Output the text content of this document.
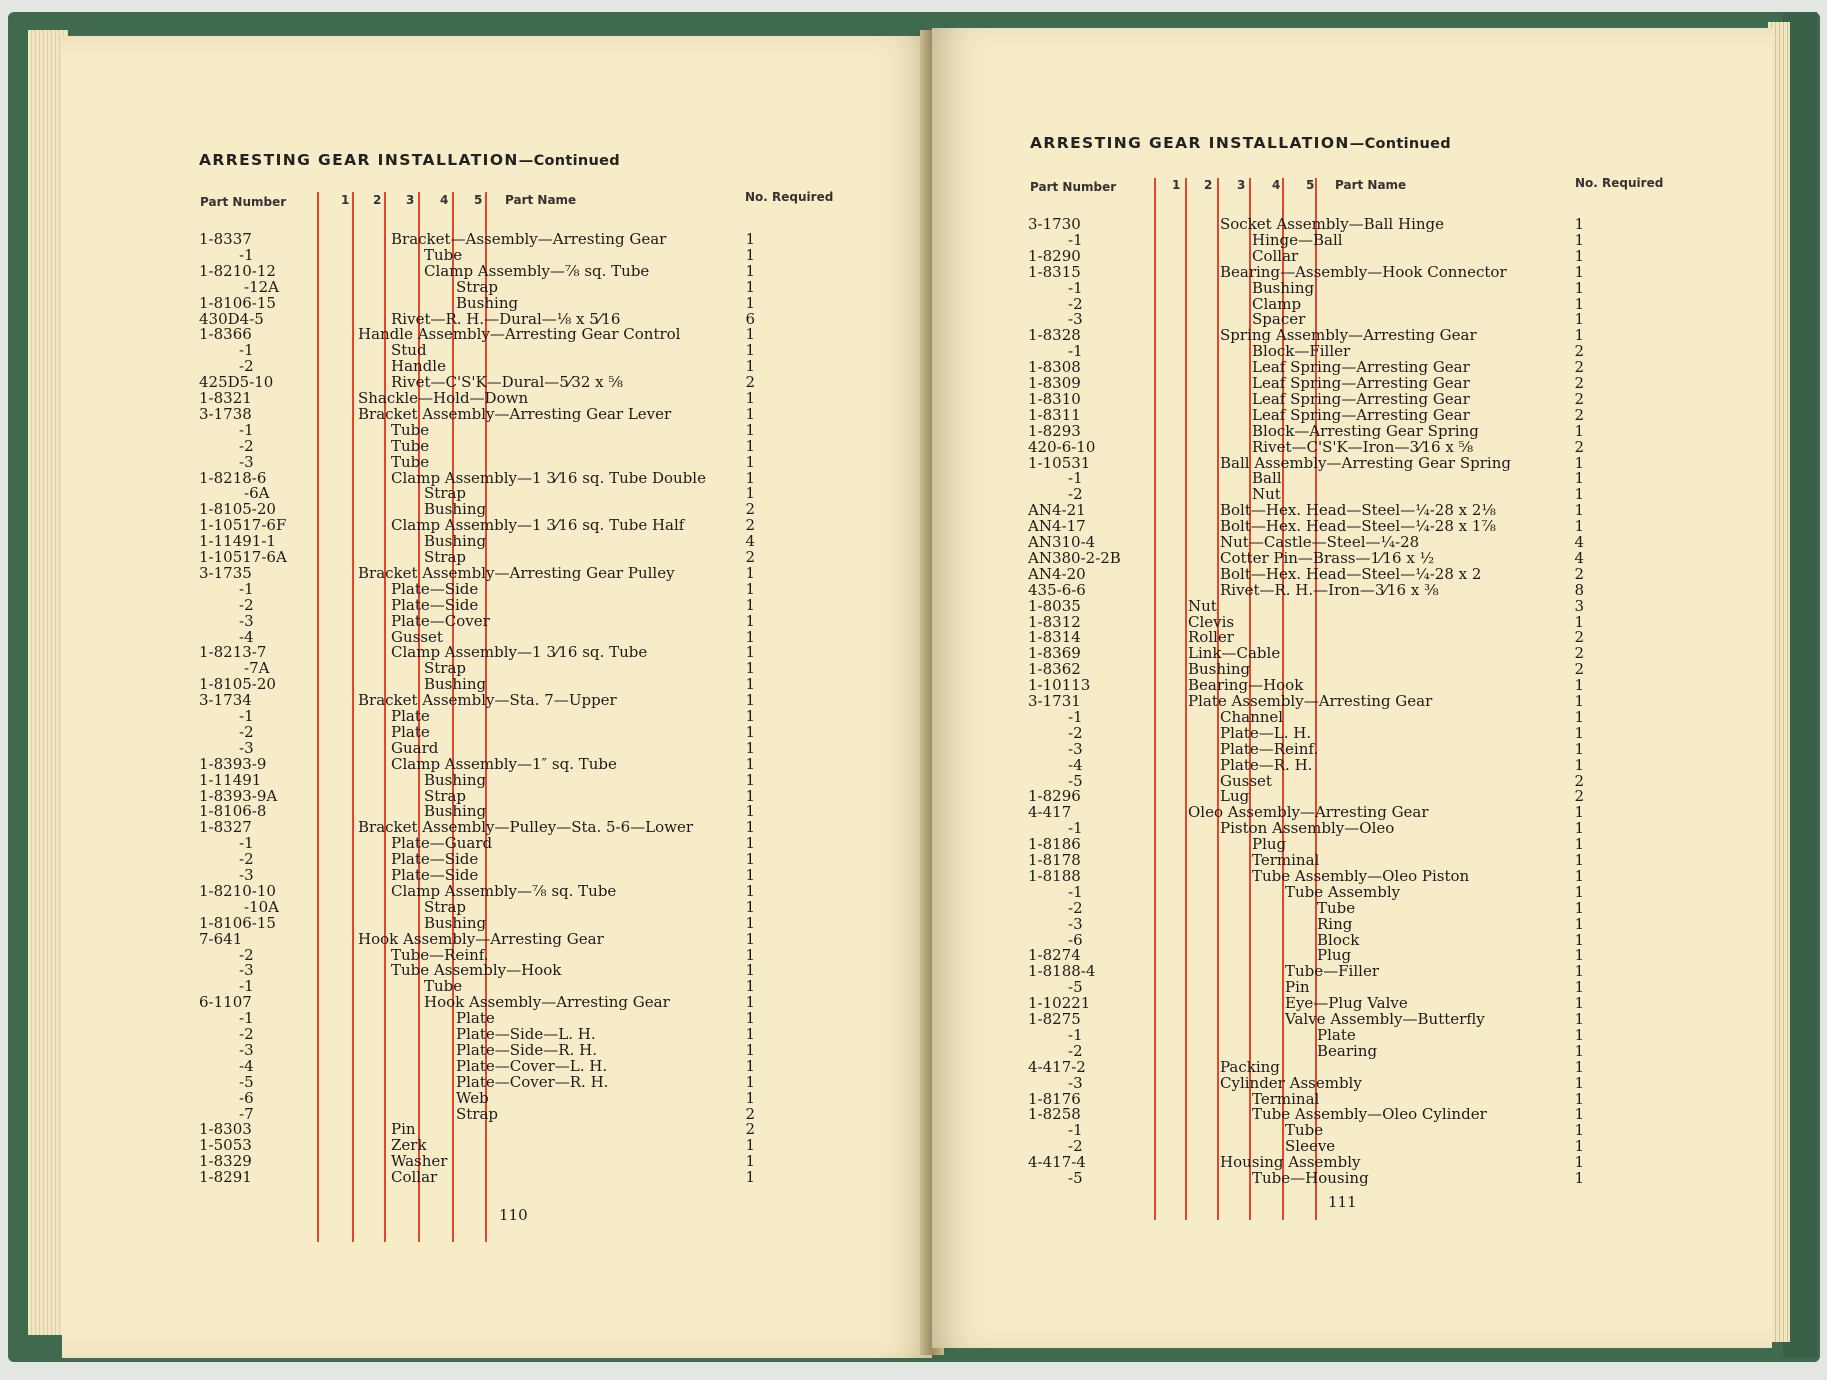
ARRESTING GEAR INSTALLATION—Continued
Part Number	1 2 3 4 5 Part Name	No. Required
1-8337	Bracket—Assembly—Arresting Gear	1
-1	Tube	1
1-8210-12	Clamp Assembly—⅞ sq. Tube	1
-12A	Strap	1
1-8106-15	Bushing	1
430D4-5	Rivet—R. H.—Dural—⅛ x 5⁄16	6
1-8366	Handle Assembly—Arresting Gear Control	1
-1	Stud	1
-2	Handle	1
425D5-10	Rivet—C'S'K—Dural—5⁄32 x ⅝	2
1-8321	Shackle—Hold—Down	1
3-1738	Bracket Assembly—Arresting Gear Lever	1
-1	Tube	1
-2	Tube	1
-3	Tube	1
1-8218-6	Clamp Assembly—1 3⁄16 sq. Tube Double	1
-6A	Strap	1
1-8105-20	Bushing	2
1-10517-6F	Clamp Assembly—1 3⁄16 sq. Tube Half	2
1-11491-1	Bushing	4
1-10517-6A	Strap	2
3-1735	Bracket Assembly—Arresting Gear Pulley	1
-1	Plate—Side	1
-2	Plate—Side	1
-3	Plate—Cover	1
-4	Gusset	1
1-8213-7	Clamp Assembly—1 3⁄16 sq. Tube	1
-7A	Strap	1
1-8105-20	Bushing	1
3-1734	Bracket Assembly—Sta. 7—Upper	1
-1	Plate	1
-2	Plate	1
-3	Guard	1
1-8393-9	Clamp Assembly—1″ sq. Tube	1
1-11491	Bushing	1
1-8393-9A	Strap	1
1-8106-8	Bushing	1
1-8327	Bracket Assembly—Pulley—Sta. 5-6—Lower	1
-1	Plate—Guard	1
-2	Plate—Side	1
-3	Plate—Side	1
1-8210-10	Clamp Assembly—⅞ sq. Tube	1
-10A	Strap	1
1-8106-15	Bushing	1
7-641	Hook Assembly—Arresting Gear	1
-2	Tube—Reinf.	1
-3	Tube Assembly—Hook	1
-1	Tube	1
6-1107	Hook Assembly—Arresting Gear	1
-1	Plate	1
-2	Plate—Side—L. H.	1
-3	Plate—Side—R. H.	1
-4	Plate—Cover—L. H.	1
-5	Plate—Cover—R. H.	1
-6	Web	1
-7	Strap	2
1-8303	Pin	2
1-5053	Zerk	1
1-8329	Washer	1
1-8291	Collar	1
110
ARRESTING GEAR INSTALLATION—Continued
Part Number	1 2 3 4 5 Part Name	No. Required
3-1730	Socket Assembly—Ball Hinge	1
-1	Hinge—Ball	1
1-8290	Collar	1
1-8315	Bearing—Assembly—Hook Connector	1
-1	Bushing	1
-2	Clamp	1
-3	Spacer	1
1-8328	Spring Assembly—Arresting Gear	1
-1	Block—Filler	2
1-8308	Leaf Spring—Arresting Gear	2
1-8309	Leaf Spring—Arresting Gear	2
1-8310	Leaf Spring—Arresting Gear	2
1-8311	Leaf Spring—Arresting Gear	2
1-8293	Block—Arresting Gear Spring	1
420-6-10	Rivet—C'S'K—Iron—3⁄16 x ⅝	2
1-10531	Ball Assembly—Arresting Gear Spring	1
-1	Ball	1
-2	Nut	1
AN4-21	Bolt—Hex. Head—Steel—¼-28 x 2⅛	1
AN4-17	Bolt—Hex. Head—Steel—¼-28 x 1⅞	1
AN310-4	Nut—Castle—Steel—¼-28	4
AN380-2-2B	Cotter Pin—Brass—1⁄16 x ½	4
AN4-20	Bolt—Hex. Head—Steel—¼-28 x 2	2
435-6-6	Rivet—R. H.—Iron—3⁄16 x ⅜	8
1-8035	Nut	3
1-8312	Clevis	1
1-8314	Roller	2
1-8369	Link—Cable	2
1-8362	Bushing	2
1-10113	Bearing—Hook	1
3-1731	Plate Assembly—Arresting Gear	1
-1	Channel	1
-2	Plate—L. H.	1
-3	Plate—Reinf.	1
-4	Plate—R. H.	1
-5	Gusset	2
1-8296	Lug	2
4-417	Oleo Assembly—Arresting Gear	1
-1	Piston Assembly—Oleo	1
1-8186	Plug	1
1-8178	Terminal	1
1-8188	Tube Assembly—Oleo Piston	1
-1	Tube Assembly	1
-2	Tube	1
-3	Ring	1
-6	Block	1
1-8274	Plug	1
1-8188-4	Tube—Filler	1
-5	Pin	1
1-10221	Eye—Plug Valve	1
1-8275	Valve Assembly—Butterfly	1
-1	Plate	1
-2	Bearing	1
4-417-2	Packing	1
-3	Cylinder Assembly	1
1-8176	Terminal	1
1-8258	Tube Assembly—Oleo Cylinder	1
-1	Tube	1
-2	Sleeve	1
4-417-4	Housing Assembly	1
-5	Tube—Housing	1
111
